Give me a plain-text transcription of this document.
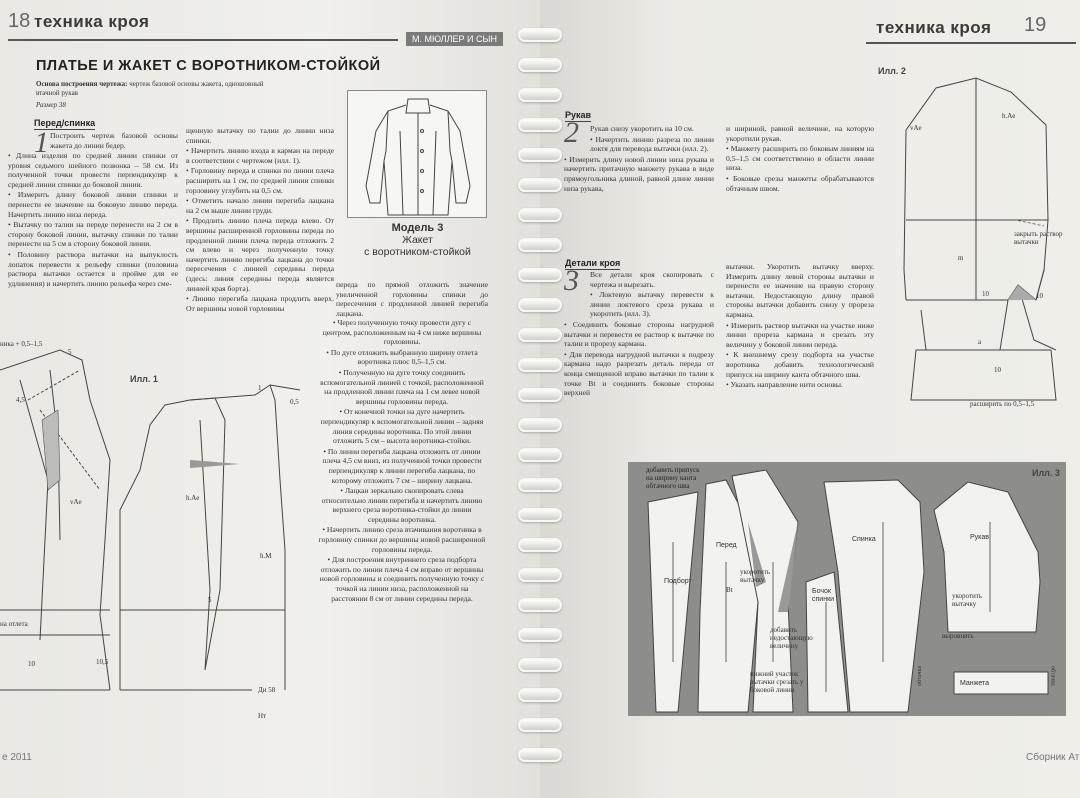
18 техника кроя
М. МЮЛЛЕР И СЫН
ПЛАТЬЕ И ЖАКЕТ С ВОРОТНИКОМ-СТОЙКОЙ
Основа построения чертежа: чертеж базовой основы жакета, одношовный втачной рукав
Размер 38
Перед/спинка
1 Построить чертеж базовой основы жакета до линии бедер.

• Длина изделия по средней линии спинки от уровня седьмого шейного позвонка – 58 см. Из полученной точки провести перпендикуляр к средней линии спинки до боковой линии.

• Измерить длину боковой линии спинки и перенести ее значение на боковую линию переда. Начертить линию низа переда.

• Вытачку по талии на переде перенести на 2 см в сторону боковой линии, вытачку спинки по талии перенести на 5 см в сторону боковой линии.

• Половину раствора вытачки на выпуклость лопаток перевести к рельефу спинки (половина раствора вытачки остается в пройме для ее удлинения) и начертить линию рельефа через сме-

щенную вытачку по талии до линии низа спинки.

• Начертить линию входа в карман на переде в соответствии с чертежом (илл. 1).

• Горловину переда и спинки по линии плеча расширить на 1 см, по средней линии спинки горловину углубить на 0,5 см.

• Отметить начало линии перегиба лацкана на 2 см выше линии груди.

• Продлить линию плеча переда влево. От вершины расширенной горловины переда по продленной линии плеча переда отложить 2 см влево и через полученную точку начертить линию перегиба лацкана до точки пересечения с линией середины переда (здесь: линия середины переда является линией края борта).

• Линию перегиба лацкана продлить вверх. От вершины новой горловины

Модель 3
Жакет
с воротником-стойкой

переда по прямой отложить значение увеличенной горловины спинки до пересечения с продленной линией перегиба лацкана.

• Через полученную точку провести дугу с центром, расположенным на 4 см ниже вершины горловины.

• По дуге отложить выбранную ширину отлета воротника плюс 0,5–1,5 см.

• Полученную на дуге точку соединить вспомогательной линией с точкой, расположенной на продленной линии плеча на 1 см левее новой вершины горловины переда.

• От конечной точки на дуге начертить перпендикуляр к вспомогательной линии – задняя линия середины воротника. По этой линии отложить 5 см – высота воротника-стойки.

• По линии перегиба лацкана отложить от линии плеча 4,5 см вниз, из полученной точки провести перпендикуляр к линии перегиба лацкана, по которому отложить 7 см – ширину лацкана.

• Лацкан зеркально скопировать слева относительно линии перегиба и начертить линию верхнего среза воротника-стойки до линии середины воротника.

• Начертить линию среза втачивания воротника в горловину спинки до вершины новой расширенной горловины переда.

• Для построения внутреннего среза подборта отложить по линии плеча 4 см вправо от вершины новой горловины и соединить полученную точку с точкой на линии низа, расположенной на расстоянии 8 см от линии середины переда.

Илл. 1
ника + 0,5–1,5
5
4,5
vAe	h.Ae
1
0,5
h.M
5
на отлета
10	10,5
Ди 58
Нт
е 2011
техника кроя 19
Рукав
2	Рукав снизу укоротить на 10 см.

• Начертить линию разреза по линии локтя для перевода вытачки (илл. 2).

• Измерить длину новой линии низа рукава и начертить притачную манжету рукава в виде прямоугольника длиной, равной длине линии низа рукава,

и шириной, равной величине, на которую укоротили рукав.

• Манжету расширить по боковым линиям на 0,5–1,5 см соответственно в области линии низа.

• Боковые срезы манжеты обрабатываются обтачным швом.

Илл. 2
vAe
h.Ae
закрыть раствор вытачки
m
10	10
a
10
расширить по 0,5–1,5
Детали кроя
3	Все детали кроя скопировать с чертежа и вырезать.

• Локтевую вытачку перевести к линии локтевого среза рукава и укоротить (илл. 3).

• Соединить боковые стороны нагрудной вытачки и перевести ее раствор к вытачке по талии и прорезу кармана.

• Для перевода нагрудной вытачки к подрезу кармана надо разрезать деталь переда от конца смещенной вправо вытачки по талии к точке Вt и соединить боковые стороны верхней

вытачки. Укоротить вытачку вверху. Измерить длину левой стороны вытачки и перенести ее значение на правую сторону вытачки. Недостающую длину правой стороны вытачки добавить снизу у прореза кармана.

• Измерить раствор вытачки на участке ниже линии прореза кармана и срезать эту величину у боковой линии переда.

• К внешнему срезу подборта на участке воротника добавить технологический припуск на ширину канта обтачного шва.

• Указать направление нити основы.

Илл. 3
добавить припуск на ширину канта обтачного шва
Перед
Подборт
Спинка
Бочок спинки
Рукав
укоротить вытачку
укоротить вытачку
выровнять
Bt
добавить недостающую величину
нижний участок вытачки срезать у боковой линии
Манжета
обтачка	обтачка
Сборник Ат
